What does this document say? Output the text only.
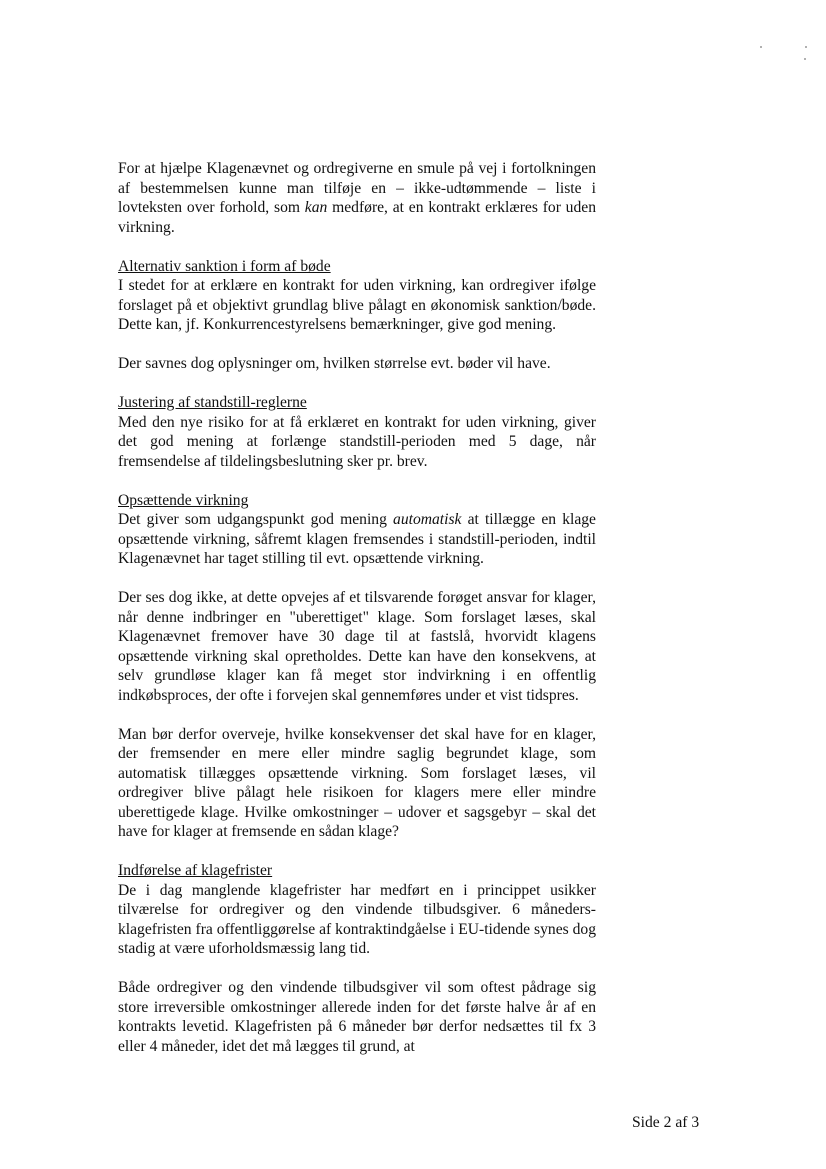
For at hjælpe Klagenævnet og ordregiverne en smule på vej i fortolkningen af bestemmelsen kunne man tilføje en – ikke-udtømmende – liste i lovteksten over forhold, som kan medføre, at en kontrakt erklæres for uden virkning.

Alternativ sanktion i form af bøde
I stedet for at erklære en kontrakt for uden virkning, kan ordregiver ifølge forslaget på et objektivt grundlag blive pålagt en økonomisk sanktion/bøde. Dette kan, jf. Konkurrencestyrelsens bemærkninger, give god mening.

Der savnes dog oplysninger om, hvilken størrelse evt. bøder vil have.

Justering af standstill-reglerne
Med den nye risiko for at få erklæret en kontrakt for uden virkning, giver det god mening at forlænge standstill-perioden med 5 dage, når fremsendelse af tildelingsbeslutning sker pr. brev.
Opsættende virkning
Det giver som udgangspunkt god mening automatisk at tillægge en klage opsættende virkning, såfremt klagen fremsendes i standstill-perioden, indtil Klagenævnet har taget stilling til evt. opsættende virkning.

Der ses dog ikke, at dette opvejes af et tilsvarende forøget ansvar for klager, når denne indbringer en "uberettiget" klage. Som forslaget læses, skal Klagenævnet fremover have 30 dage til at fastslå, hvorvidt klagens opsættende virkning skal opretholdes. Dette kan have den konsekvens, at selv grundløse klager kan få meget stor indvirkning i en offentlig indkøbsproces, der ofte i forvejen skal gennemføres under et vist tidspres.

Man bør derfor overveje, hvilke konsekvenser det skal have for en klager, der fremsender en mere eller mindre saglig begrundet klage, som automatisk tillægges opsættende virkning. Som forslaget læses, vil ordregiver blive pålagt hele risikoen for klagers mere eller mindre uberettigede klage. Hvilke omkostninger – udover et sagsgebyr – skal det have for klager at fremsende en sådan klage?

Indførelse af klagefrister
De i dag manglende klagefrister har medført en i princippet usikker tilværelse for ordregiver og den vindende tilbudsgiver. 6 måneders-klagefristen fra offentliggørelse af kontraktindgåelse i EU-tidende synes dog stadig at være uforholdsmæssig lang tid.

Både ordregiver og den vindende tilbudsgiver vil som oftest pådrage sig store irreversible omkostninger allerede inden for det første halve år af en kontrakts levetid. Klagefristen på 6 måneder bør derfor nedsættes til fx 3 eller 4 måneder, idet det må lægges til grund, at

Side 2 af 3
